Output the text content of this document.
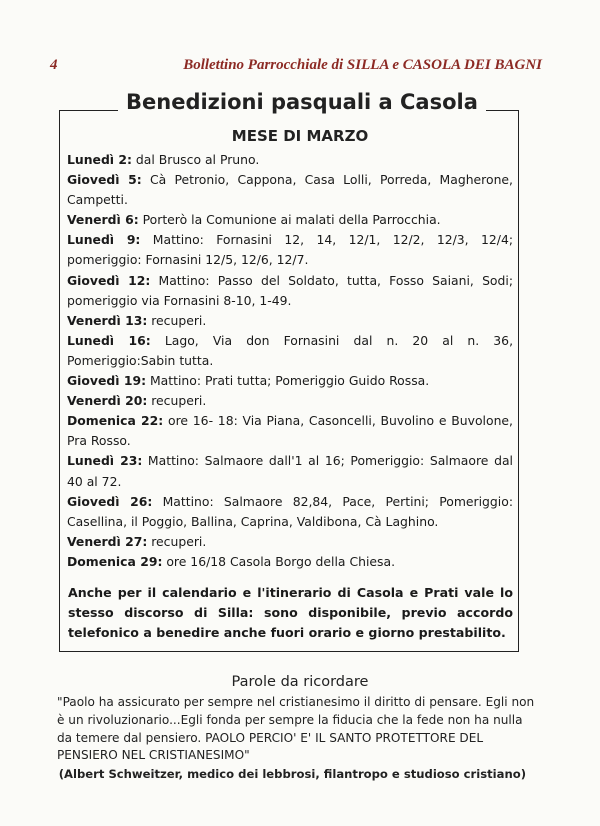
4	Bollettino Parrocchiale di SILLA e CASOLA DEI BAGNI
Benedizioni pasquali a Casola
MESE DI MARZO

Lunedì 2: dal Brusco al Pruno.

Giovedì 5: Cà Petronio, Cappona, Casa Lolli, Porreda, Magherone, Campetti.

Venerdì 6: Porterò la Comunione ai malati della Parrocchia.

Lunedì 9: Mattino: Fornasini 12, 14, 12/1, 12/2, 12/3, 12/4; pomeriggio: Fornasini 12/5, 12/6, 12/7.

Giovedì 12: Mattino: Passo del Soldato, tutta, Fosso Saiani, Sodi; pomeriggio via Fornasini 8-10, 1-49.

Venerdì 13: recuperi.

Lunedì 16: Lago, Via don Fornasini dal n. 20 al n. 36, Pomeriggio:Sabin tutta.

Giovedì 19: Mattino: Prati tutta; Pomeriggio Guido Rossa.

Venerdì 20: recuperi.

Domenica 22: ore 16- 18: Via Piana, Casoncelli, Buvolino e Buvolone, Pra Rosso.

Lunedì 23: Mattino: Salmaore dall'1 al 16; Pomeriggio: Salmaore dal 40 al 72.

Giovedì 26: Mattino: Salmaore 82,84, Pace, Pertini; Pomeriggio: Casellina, il Poggio, Ballina, Caprina, Valdibona, Cà Laghino.

Venerdì 27: recuperi.

Domenica 29: ore 16/18 Casola Borgo della Chiesa.

Anche per il calendario e l'itinerario di Casola e Prati vale lo stesso discorso di Silla: sono disponibile, previo accordo telefonico a benedire anche fuori orario e giorno prestabilito.
Parole da ricordare
"Paolo ha assicurato per sempre nel cristianesimo il diritto di pensare. Egli non è un rivoluzionario...Egli fonda per sempre la fiducia che la fede non ha nulla da temere dal pensiero. PAOLO PERCIO' E' IL SANTO PROTETTORE DEL PENSIERO NEL CRISTIANESIMO"
(Albert Schweitzer, medico dei lebbrosi, filantropo e studioso cristiano)
